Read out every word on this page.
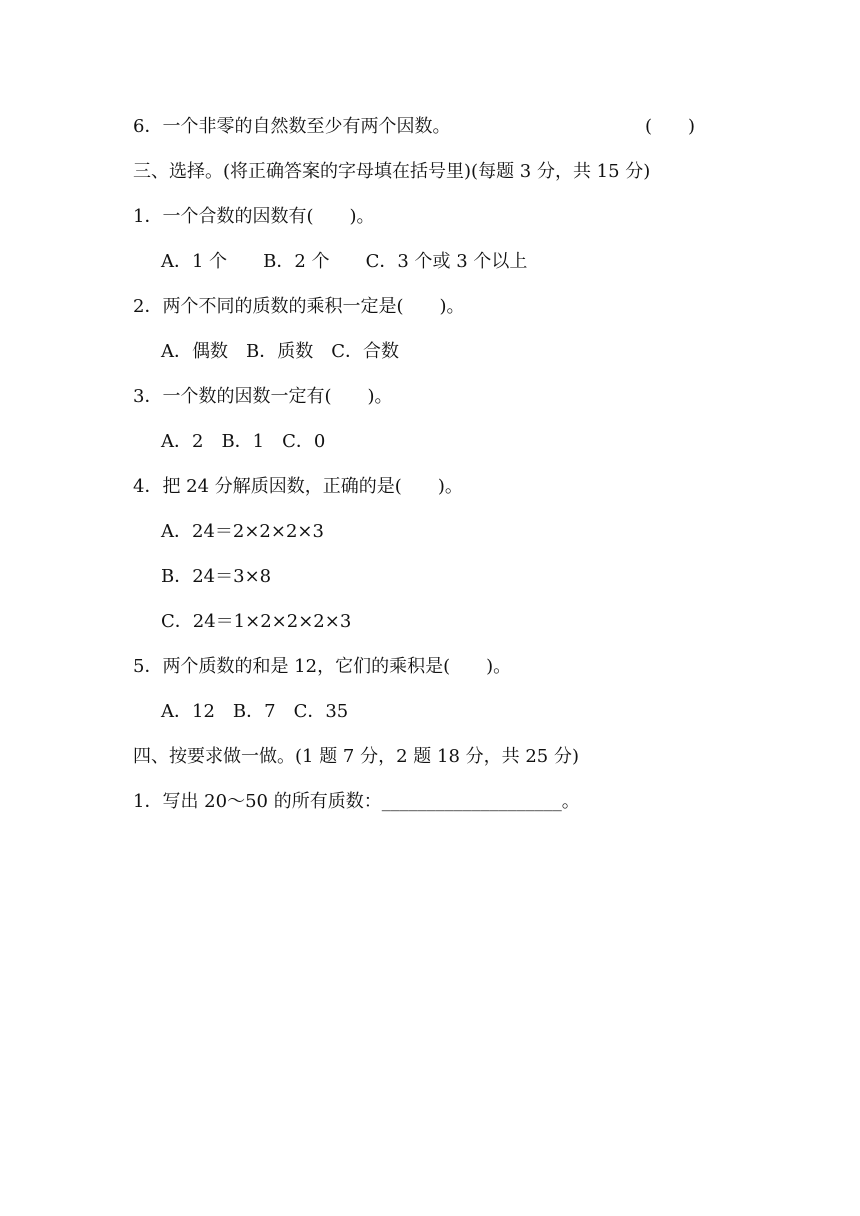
6．一个非零的自然数至少有两个因数。	(　　)
三、选择。(将正确答案的字母填在括号里)(每题 3 分，共 15 分)
1．一个合数的因数有(　　)。
A．1 个　　B．2 个　　C．3 个或 3 个以上
2．两个不同的质数的乘积一定是(　　)。
A．偶数　B．质数　C．合数
3．一个数的因数一定有(　　)。
A．2　B．1　C．0
4．把 24 分解质因数，正确的是(　　)。
A．24＝2×2×2×3
B．24＝3×8
C．24＝1×2×2×2×3
5．两个质数的和是 12，它们的乘积是(　　)。
A．12　B．7　C．35
四、按要求做一做。(1 题 7 分，2 题 18 分，共 25 分)
1．写出 20～50 的所有质数：____________________。
